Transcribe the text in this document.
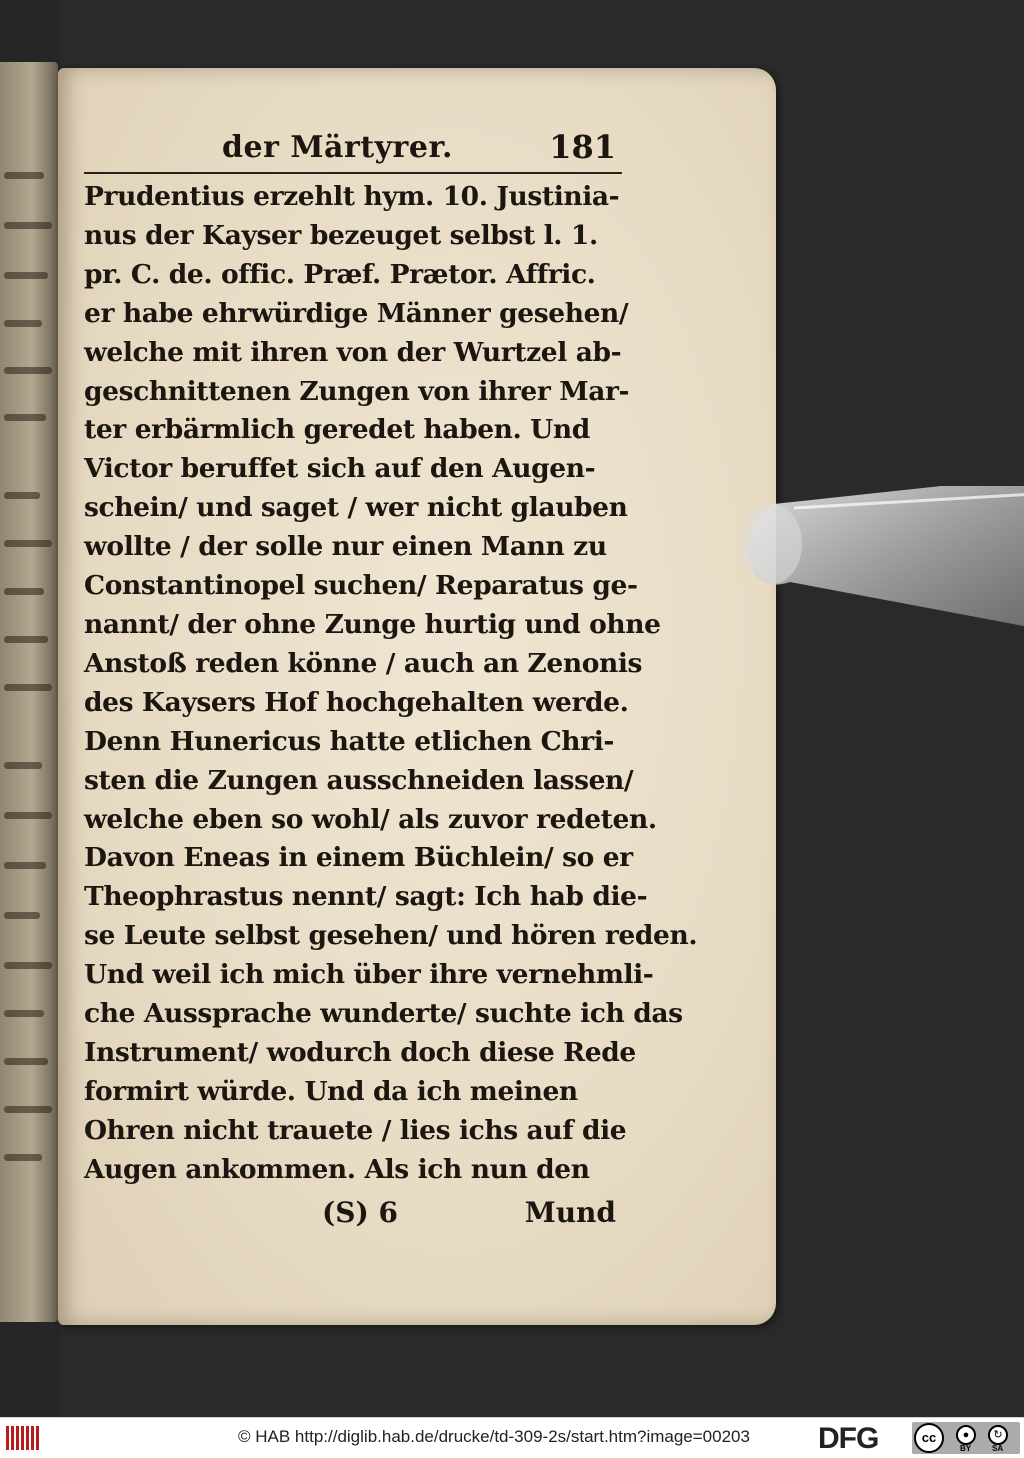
der Märtyrer.	181
Prudentius erzehlt hym. 10. Justinia-
nus der Kayser bezeuget selbst l. 1.
pr. C. de. offic. Præf. Prætor. Affric.
er habe ehrwürdige Männer gesehen/
welche mit ihren von der Wurtzel ab-
geschnittenen Zungen von ihrer Mar-
ter erbärmlich geredet haben. Und
Victor beruffet sich auf den Augen-
schein/ und saget / wer nicht glauben
wollte / der solle nur einen Mann zu
Constantinopel suchen/ Reparatus ge-
nannt/ der ohne Zunge hurtig und ohne
Anstoß reden könne / auch an Zenonis
des Kaysers Hof hochgehalten werde.
Denn Hunericus hatte etlichen Chri-
sten die Zungen ausschneiden lassen/
welche eben so wohl/ als zuvor redeten.
Davon Eneas in einem Büchlein/ so er
Theophrastus nennt/ sagt: Ich hab die-
se Leute selbst gesehen/ und hören reden.
Und weil ich mich über ihre vernehmli-
che Aussprache wunderte/ suchte ich das
Instrument/ wodurch doch diese Rede
formirt würde. Und da ich meinen
Ohren nicht trauete / lies ichs auf die
Augen ankommen. Als ich nun den
(S) 6	Mund
© HAB http://diglib.hab.de/drucke/td-309-2s/start.htm?image=00203 DFG	cc	●	↻
BY	SA
